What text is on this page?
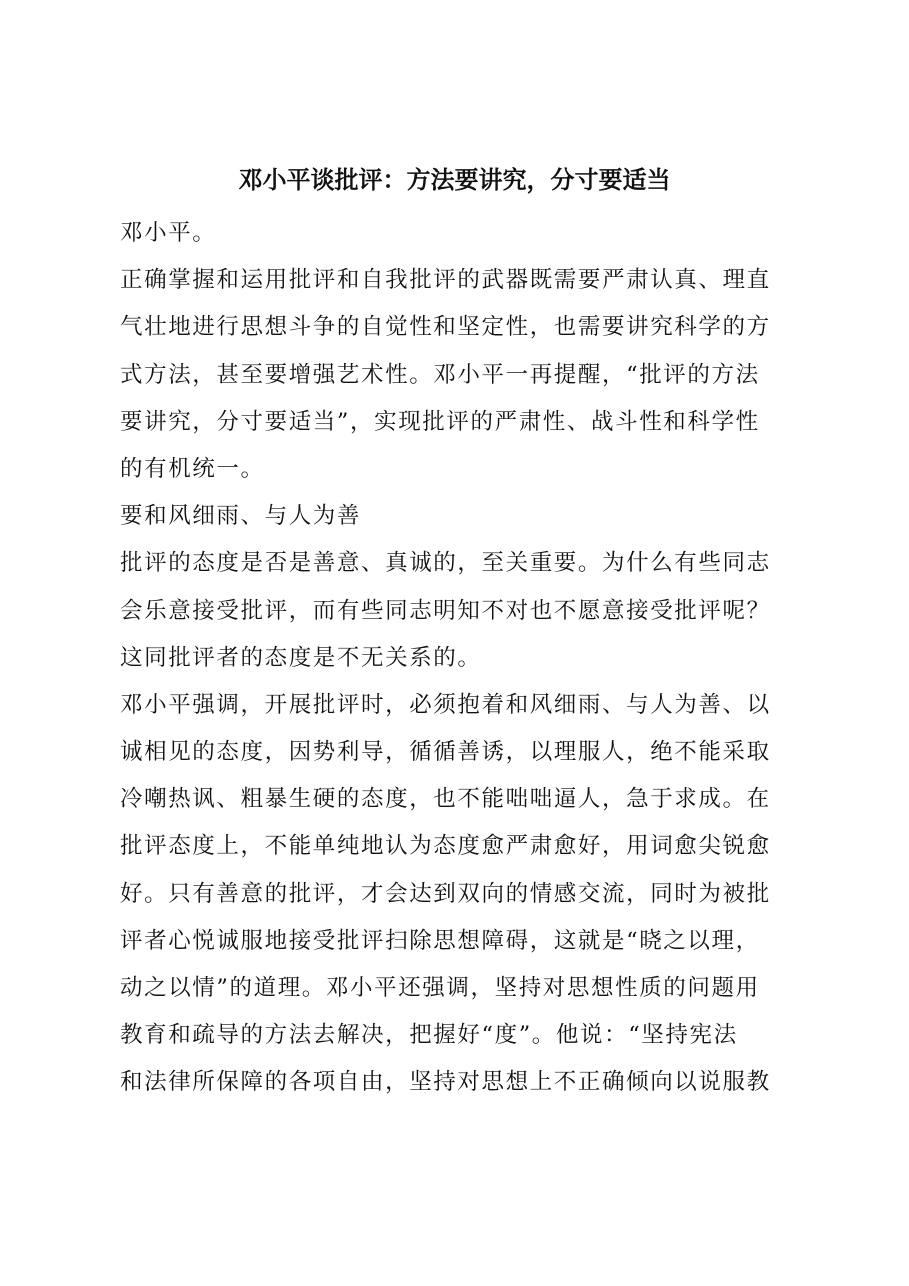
邓小平谈批评：方法要讲究，分寸要适当
邓小平。
正确掌握和运用批评和自我批评的武器既需要严肃认真、理直
气壮地进行思想斗争的自觉性和坚定性，也需要讲究科学的方
式方法，甚至要增强艺术性。邓小平一再提醒，“批评的方法
要讲究，分寸要适当”，实现批评的严肃性、战斗性和科学性
的有机统一。
要和风细雨、与人为善
批评的态度是否是善意、真诚的，至关重要。为什么有些同志
会乐意接受批评，而有些同志明知不对也不愿意接受批评呢？
这同批评者的态度是不无关系的。
邓小平强调，开展批评时，必须抱着和风细雨、与人为善、以
诚相见的态度，因势利导，循循善诱，以理服人，绝不能采取
冷嘲热讽、粗暴生硬的态度，也不能咄咄逼人，急于求成。在
批评态度上，不能单纯地认为态度愈严肃愈好，用词愈尖锐愈
好。只有善意的批评，才会达到双向的情感交流，同时为被批
评者心悦诚服地接受批评扫除思想障碍，这就是“晓之以理，
动之以情”的道理。邓小平还强调，坚持对思想性质的问题用
教育和疏导的方法去解决，把握好“度”。他说：“坚持宪法
和法律所保障的各项自由，坚持对思想上不正确倾向以说服教
